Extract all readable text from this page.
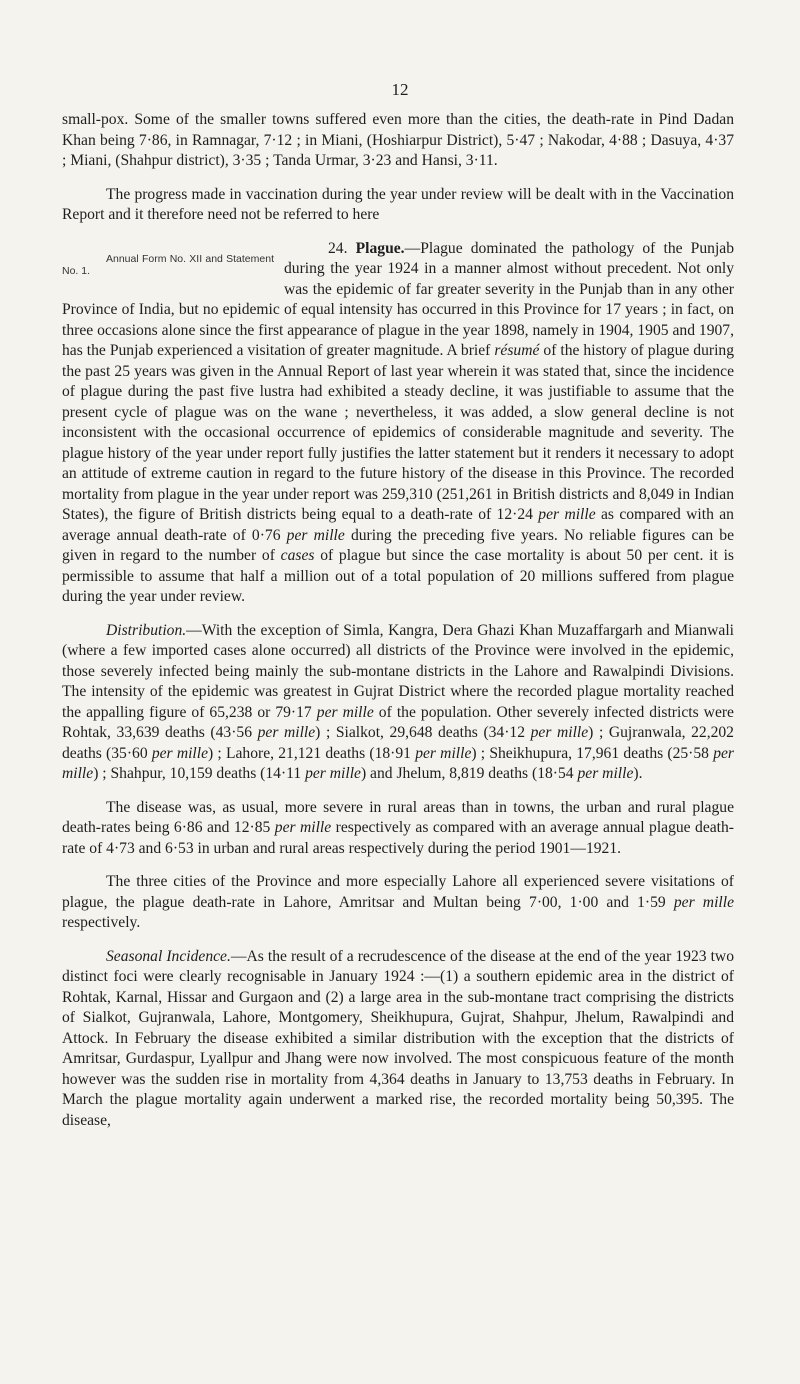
12

small-pox. Some of the smaller towns suffered even more than the cities, the death-rate in Pind Dadan Khan being 7·86, in Ramnagar, 7·12 ; in Miani, (Hoshiarpur District), 5·47 ; Nakodar, 4·88 ; Dasuya, 4·37 ; Miani, (Shahpur district), 3·35 ; Tanda Urmar, 3·23 and Hansi, 3·11.

The progress made in vaccination during the year under review will be dealt with in the Vaccination Report and it therefore need not be referred to here

24. Plague.
Annual Form No. XII and Statement No. 1.
—Plague dominated the pathology of the Punjab during the year 1924 in a manner almost without precedent. Not only was the epidemic of far greater severity in the Punjab than in any other Province of India, but no epidemic of equal intensity has occurred in this Province for 17 years ; in fact, on three occasions alone since the first appearance of plague in the year 1898, namely in 1904, 1905 and 1907, has the Punjab experienced a visitation of greater magnitude. A brief résumé of the history of plague during the past 25 years was given in the Annual Report of last year wherein it was stated that, since the incidence of plague during the past five lustra had exhibited a steady decline, it was justifiable to assume that the present cycle of plague was on the wane ; nevertheless, it was added, a slow general decline is not inconsistent with the occasional occurrence of epidemics of considerable magnitude and severity. The plague history of the year under report fully justifies the latter statement but it renders it necessary to adopt an attitude of extreme caution in regard to the future history of the disease in this Province. The recorded mortality from plague in the year under report was 259,310 (251,261 in British districts and 8,049 in Indian States), the figure of British districts being equal to a death-rate of 12·24 per mille as compared with an average annual death-rate of 0·76 per mille during the preceding five years. No reliable figures can be given in regard to the number of cases of plague but since the case mortality is about 50 per cent. it is permissible to assume that half a million out of a total population of 20 millions suffered from plague during the year under review.

Distribution.—With the exception of Simla, Kangra, Dera Ghazi Khan Muzaffargarh and Mianwali (where a few imported cases alone occurred) all districts of the Province were involved in the epidemic, those severely infected being mainly the sub-montane districts in the Lahore and Rawalpindi Divisions. The intensity of the epidemic was greatest in Gujrat District where the recorded plague mortality reached the appalling figure of 65,238 or 79·17 per mille of the population. Other severely infected districts were Rohtak, 33,639 deaths (43·56 per mille) ; Sialkot, 29,648 deaths (34·12 per mille) ; Gujranwala, 22,202 deaths (35·60 per mille) ; Lahore, 21,121 deaths (18·91 per mille) ; Sheikhupura, 17,961 deaths (25·58 per mille) ; Shahpur, 10,159 deaths (14·11 per mille) and Jhelum, 8,819 deaths (18·54 per mille).

The disease was, as usual, more severe in rural areas than in towns, the urban and rural plague death-rates being 6·86 and 12·85 per mille respectively as compared with an average annual plague death-rate of 4·73 and 6·53 in urban and rural areas respectively during the period 1901—1921.

The three cities of the Province and more especially Lahore all experienced severe visitations of plague, the plague death-rate in Lahore, Amritsar and Multan being 7·00, 1·00 and 1·59 per mille respectively.

Seasonal Incidence.—As the result of a recrudescence of the disease at the end of the year 1923 two distinct foci were clearly recognisable in January 1924 :—(1) a southern epidemic area in the district of Rohtak, Karnal, Hissar and Gurgaon and (2) a large area in the sub-montane tract comprising the districts of Sialkot, Gujranwala, Lahore, Montgomery, Sheikhupura, Gujrat, Shahpur, Jhelum, Rawalpindi and Attock. In February the disease exhibited a similar distribution with the exception that the districts of Amritsar, Gurdaspur, Lyallpur and Jhang were now involved. The most conspicuous feature of the month however was the sudden rise in mortality from 4,364 deaths in January to 13,753 deaths in February. In March the plague mortality again underwent a marked rise, the recorded mortality being 50,395. The disease,
